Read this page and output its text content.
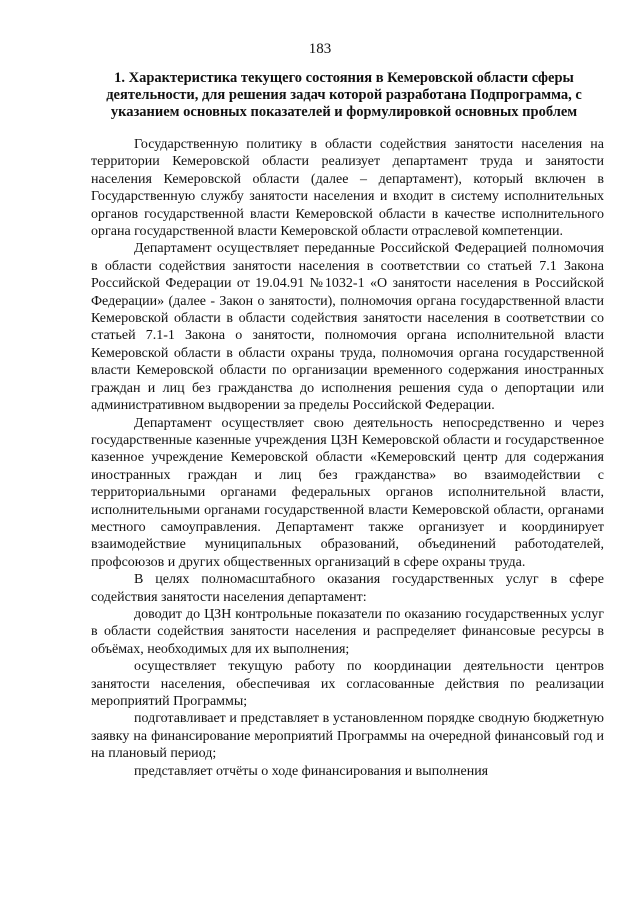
183
1. Характеристика текущего состояния в Кемеровской области сферы деятельности, для решения задач которой разработана Подпрограмма, с указанием основных показателей и формулировкой основных проблем

Государственную политику в области содействия занятости населения на территории Кемеровской области реализует департамент труда и занятости населения Кемеровской области (далее – департамент), который включен в Государственную службу занятости населения и входит в систему исполнительных органов государственной власти Кемеровской области в качестве исполнительного органа государственной власти Кемеровской области отраслевой компетенции.

Департамент осуществляет переданные Российской Федерацией полномочия в области содействия занятости населения в соответствии со статьей 7.1 Закона Российской Федерации от 19.04.91 №1032-1 «О занятости населения в Российской Федерации» (далее - Закон о занятости), полномочия органа государственной власти Кемеровской области в области содействия занятости населения в соответствии со статьей 7.1-1 Закона о занятости, полномочия органа исполнительной власти Кемеровской области в области охраны труда, полномочия органа государственной власти Кемеровской области по организации временного содержания иностранных граждан и лиц без гражданства до исполнения решения суда о депортации или административном выдворении за пределы Российской Федерации.

Департамент осуществляет свою деятельность непосредственно и через государственные казенные учреждения ЦЗН Кемеровской области и государственное казенное учреждение Кемеровской области «Кемеровский центр для содержания иностранных граждан и лиц без гражданства» во взаимодействии с территориальными органами федеральных органов исполнительной власти, исполнительными органами государственной власти Кемеровской области, органами местного самоуправления. Департамент также организует и координирует взаимодействие муниципальных образований, объединений работодателей, профсоюзов и других общественных организаций в сфере охраны труда.

В целях полномасштабного оказания государственных услуг в сфере содействия занятости населения департамент:

доводит до ЦЗН контрольные показатели по оказанию государственных услуг в области содействия занятости населения и распределяет финансовые ресурсы в объёмах, необходимых для их выполнения;

осуществляет текущую работу по координации деятельности центров занятости населения, обеспечивая их согласованные действия по реализации мероприятий Программы;

подготавливает и представляет в установленном порядке сводную бюджетную заявку на финансирование мероприятий Программы на очередной финансовый год и на плановый период;

представляет отчёты о ходе финансирования и выполнения
